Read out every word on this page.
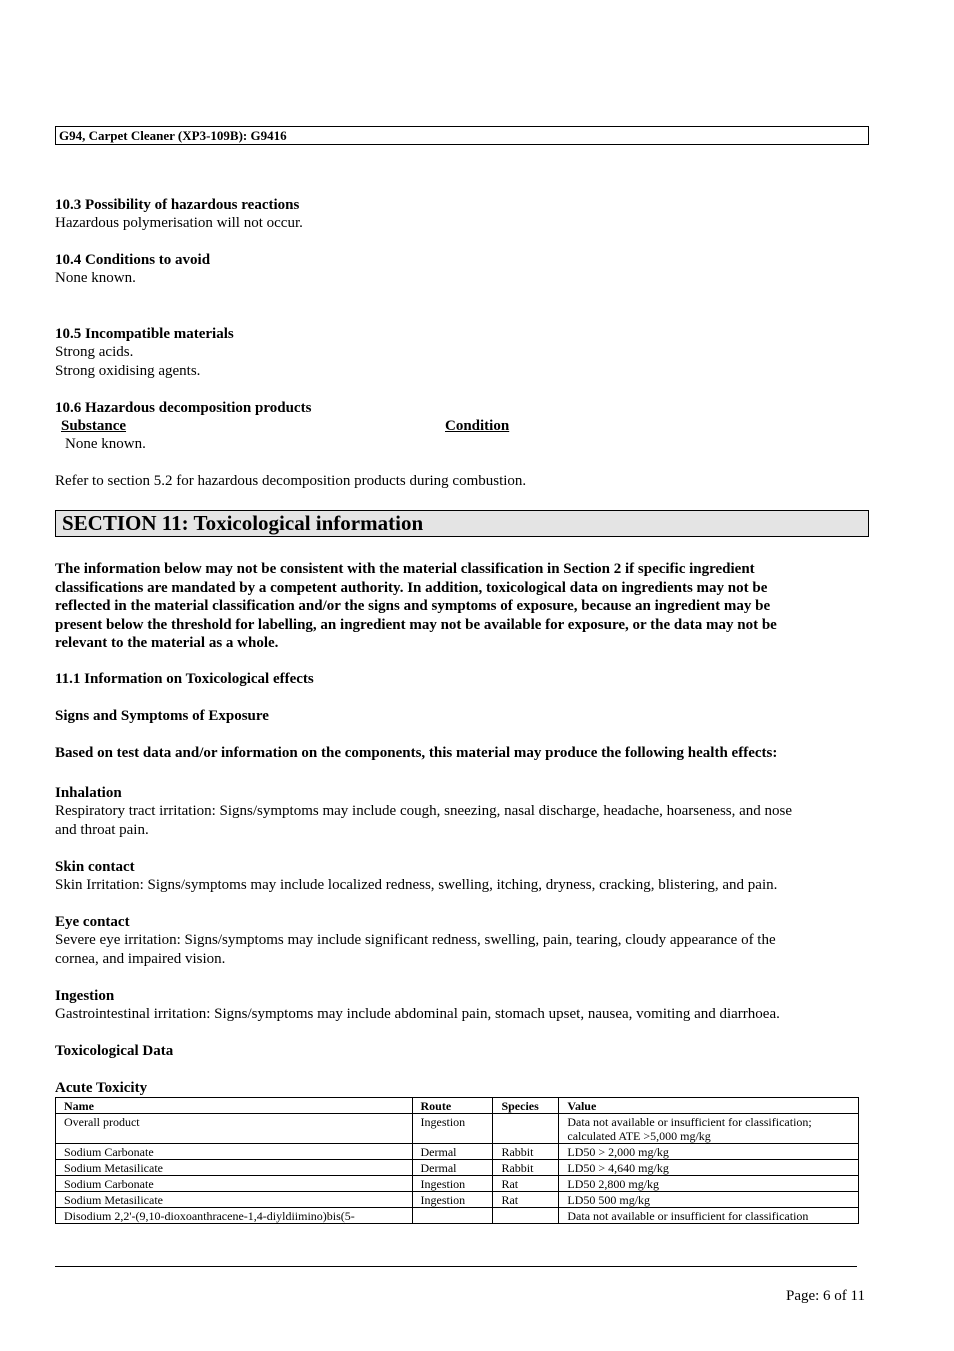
G94, Carpet Cleaner (XP3-109B): G9416
10.3 Possibility of hazardous reactions
Hazardous polymerisation will not occur.
10.4 Conditions to avoid
None known.
10.5 Incompatible materials
Strong acids.
Strong oxidising agents.
10.6 Hazardous decomposition products
Substance	Condition
None known.
Refer to section 5.2 for hazardous decomposition products during combustion.
SECTION 11: Toxicological information
The information below may not be consistent with the material classification in Section 2 if specific ingredient
classifications are mandated by a competent authority. In addition, toxicological data on ingredients may not be
reflected in the material classification and/or the signs and symptoms of exposure, because an ingredient may be
present below the threshold for labelling, an ingredient may not be available for exposure, or the data may not be
relevant to the material as a whole.
11.1 Information on Toxicological effects
Signs and Symptoms of Exposure
Based on test data and/or information on the components, this material may produce the following health effects:
Inhalation
Respiratory tract irritation: Signs/symptoms may include cough, sneezing, nasal discharge, headache, hoarseness, and nose
and throat pain.
Skin contact
Skin Irritation: Signs/symptoms may include localized redness, swelling, itching, dryness, cracking, blistering, and pain.
Eye contact
Severe eye irritation: Signs/symptoms may include significant redness, swelling, pain, tearing, cloudy appearance of the
cornea, and impaired vision.
Ingestion
Gastrointestinal irritation: Signs/symptoms may include abdominal pain, stomach upset, nausea, vomiting and diarrhoea.
Toxicological Data
Acute Toxicity
Name	Route	Species	Value
Overall product	Ingestion		Data not available or insufficient for classification; calculated ATE >5,000 mg/kg
Sodium Carbonate	Dermal	Rabbit	LD50 > 2,000 mg/kg
Sodium Metasilicate	Dermal	Rabbit	LD50 > 4,640 mg/kg
Sodium Carbonate	Ingestion	Rat	LD50 2,800 mg/kg
Sodium Metasilicate	Ingestion	Rat	LD50 500 mg/kg
Disodium 2,2'-(9,10-dioxoanthracene-1,4-diyldiimino)bis(5-			Data not available or insufficient for classification
Page: 6 of 11
